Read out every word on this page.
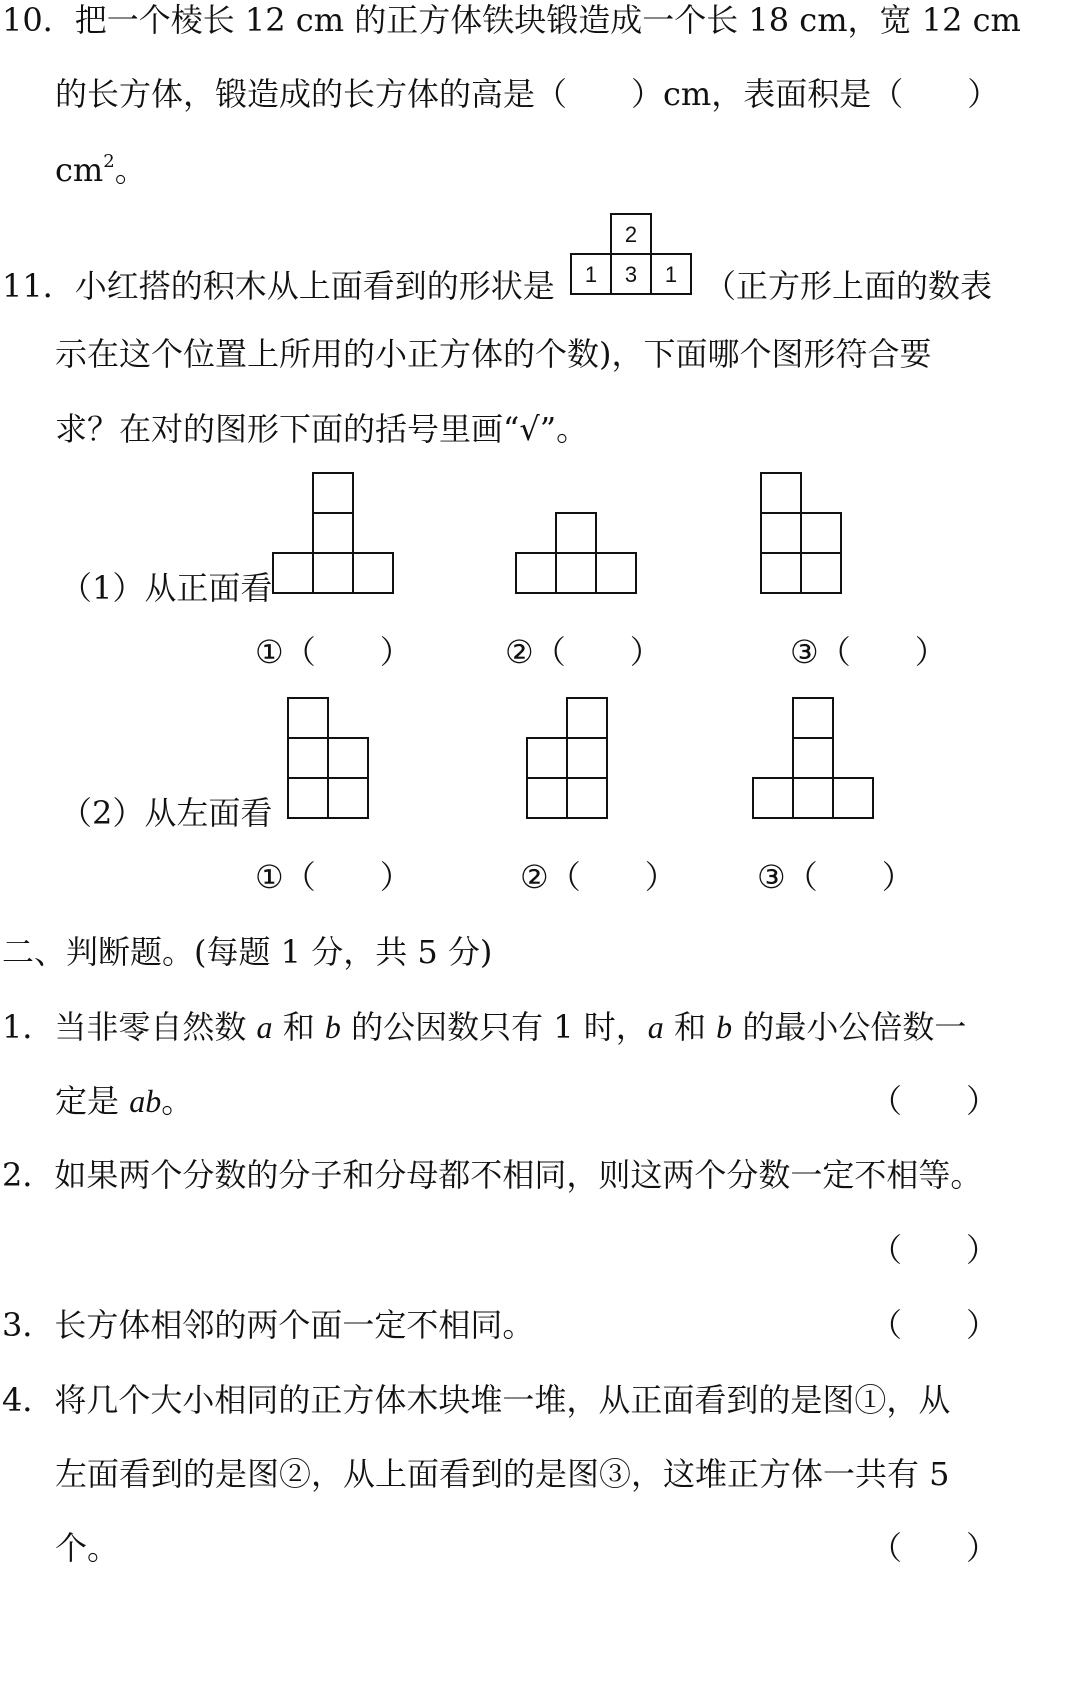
10．把一个棱长 12 cm 的正方体铁块锻造成一个长 18 cm，宽 12 cm
的长方体，锻造成的长方体的高是（　　）cm，表面积是（　　）
$cm^2$。
11．小红搭的积木从上面看到的形状是
2
1 3 1 （正方形上面的数表
示在这个位置上所用的小正方体的个数)，下面哪个图形符合要
求？在对的图形下面的括号里画“√”。
（1）从正面看
①（　　）	②（　　）	③（　　）
（2）从左面看
①（　　）	②（　　）	③（　　）
二、判断题。(每题 1 分，共 5 分)
1．当非零自然数 a 和 b 的公因数只有 1 时，a 和 b 的最小公倍数一
定是 ab。	（　　）
2．如果两个分数的分子和分母都不相同，则这两个分数一定不相等。
（　　）
3．长方体相邻的两个面一定不相同。	（　　）
4．将几个大小相同的正方体木块堆一堆，从正面看到的是图①，从
左面看到的是图②，从上面看到的是图③，这堆正方体一共有 5
个。	（　　）
